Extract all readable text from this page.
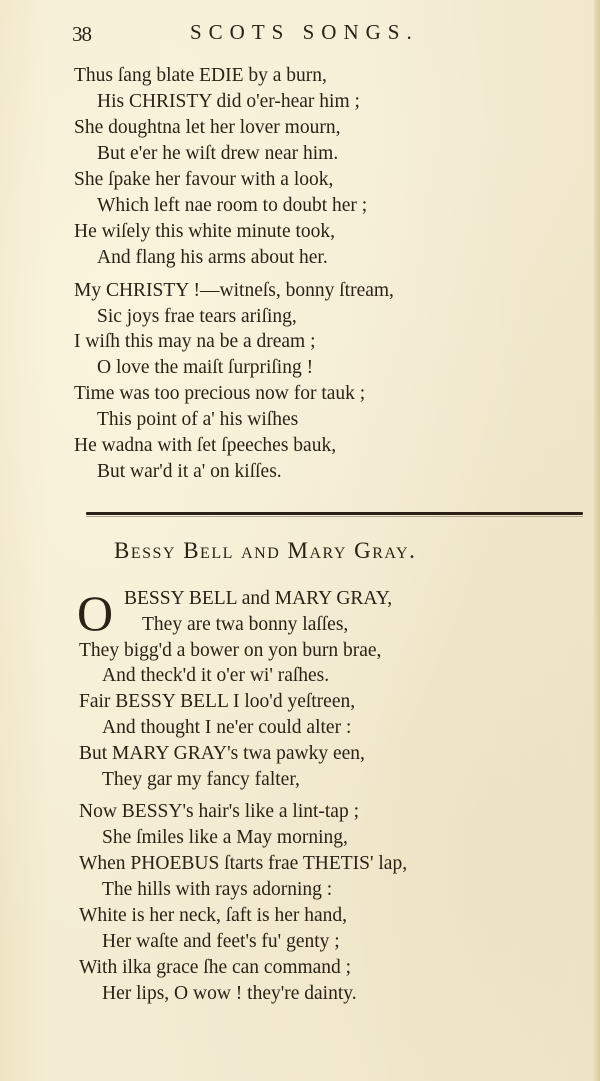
38	SCOTS SONGS.
Thus ſang blate EDIE by a burn,
His CHRISTY did o'er-hear him ;
She doughtna let her lover mourn,
But e'er he wiſt drew near him.
She ſpake her favour with a look,
Which left nae room to doubt her ;
He wiſely this white minute took,
And flang his arms about her.
My CHRISTY !—witneſs, bonny ſtream,
Sic joys frae tears ariſing,
I wiſh this may na be a dream ;
O love the maiſt ſurpriſing !
Time was too precious now for tauk ;
This point of a' his wiſhes
He wadna with ſet ſpeeches bauk,
But war'd it a' on kiſſes.
Bessy Bell and Mary Gray.
O BESSY BELL and MARY GRAY,
They are twa bonny laſſes,
They bigg'd a bower on yon burn brae,
And theck'd it o'er wi' raſhes.
Fair BESSY BELL I loo'd yeſtreen,
And thought I ne'er could alter :
But MARY GRAY's twa pawky een,
They gar my fancy falter,
Now BESSY's hair's like a lint-tap ;
She ſmiles like a May morning,
When PHOEBUS ſtarts frae THETIS' lap,
The hills with rays adorning :
White is her neck, ſaft is her hand,
Her waſte and feet's fu' genty ;
With ilka grace ſhe can command ;
Her lips, O wow ! they're dainty.
